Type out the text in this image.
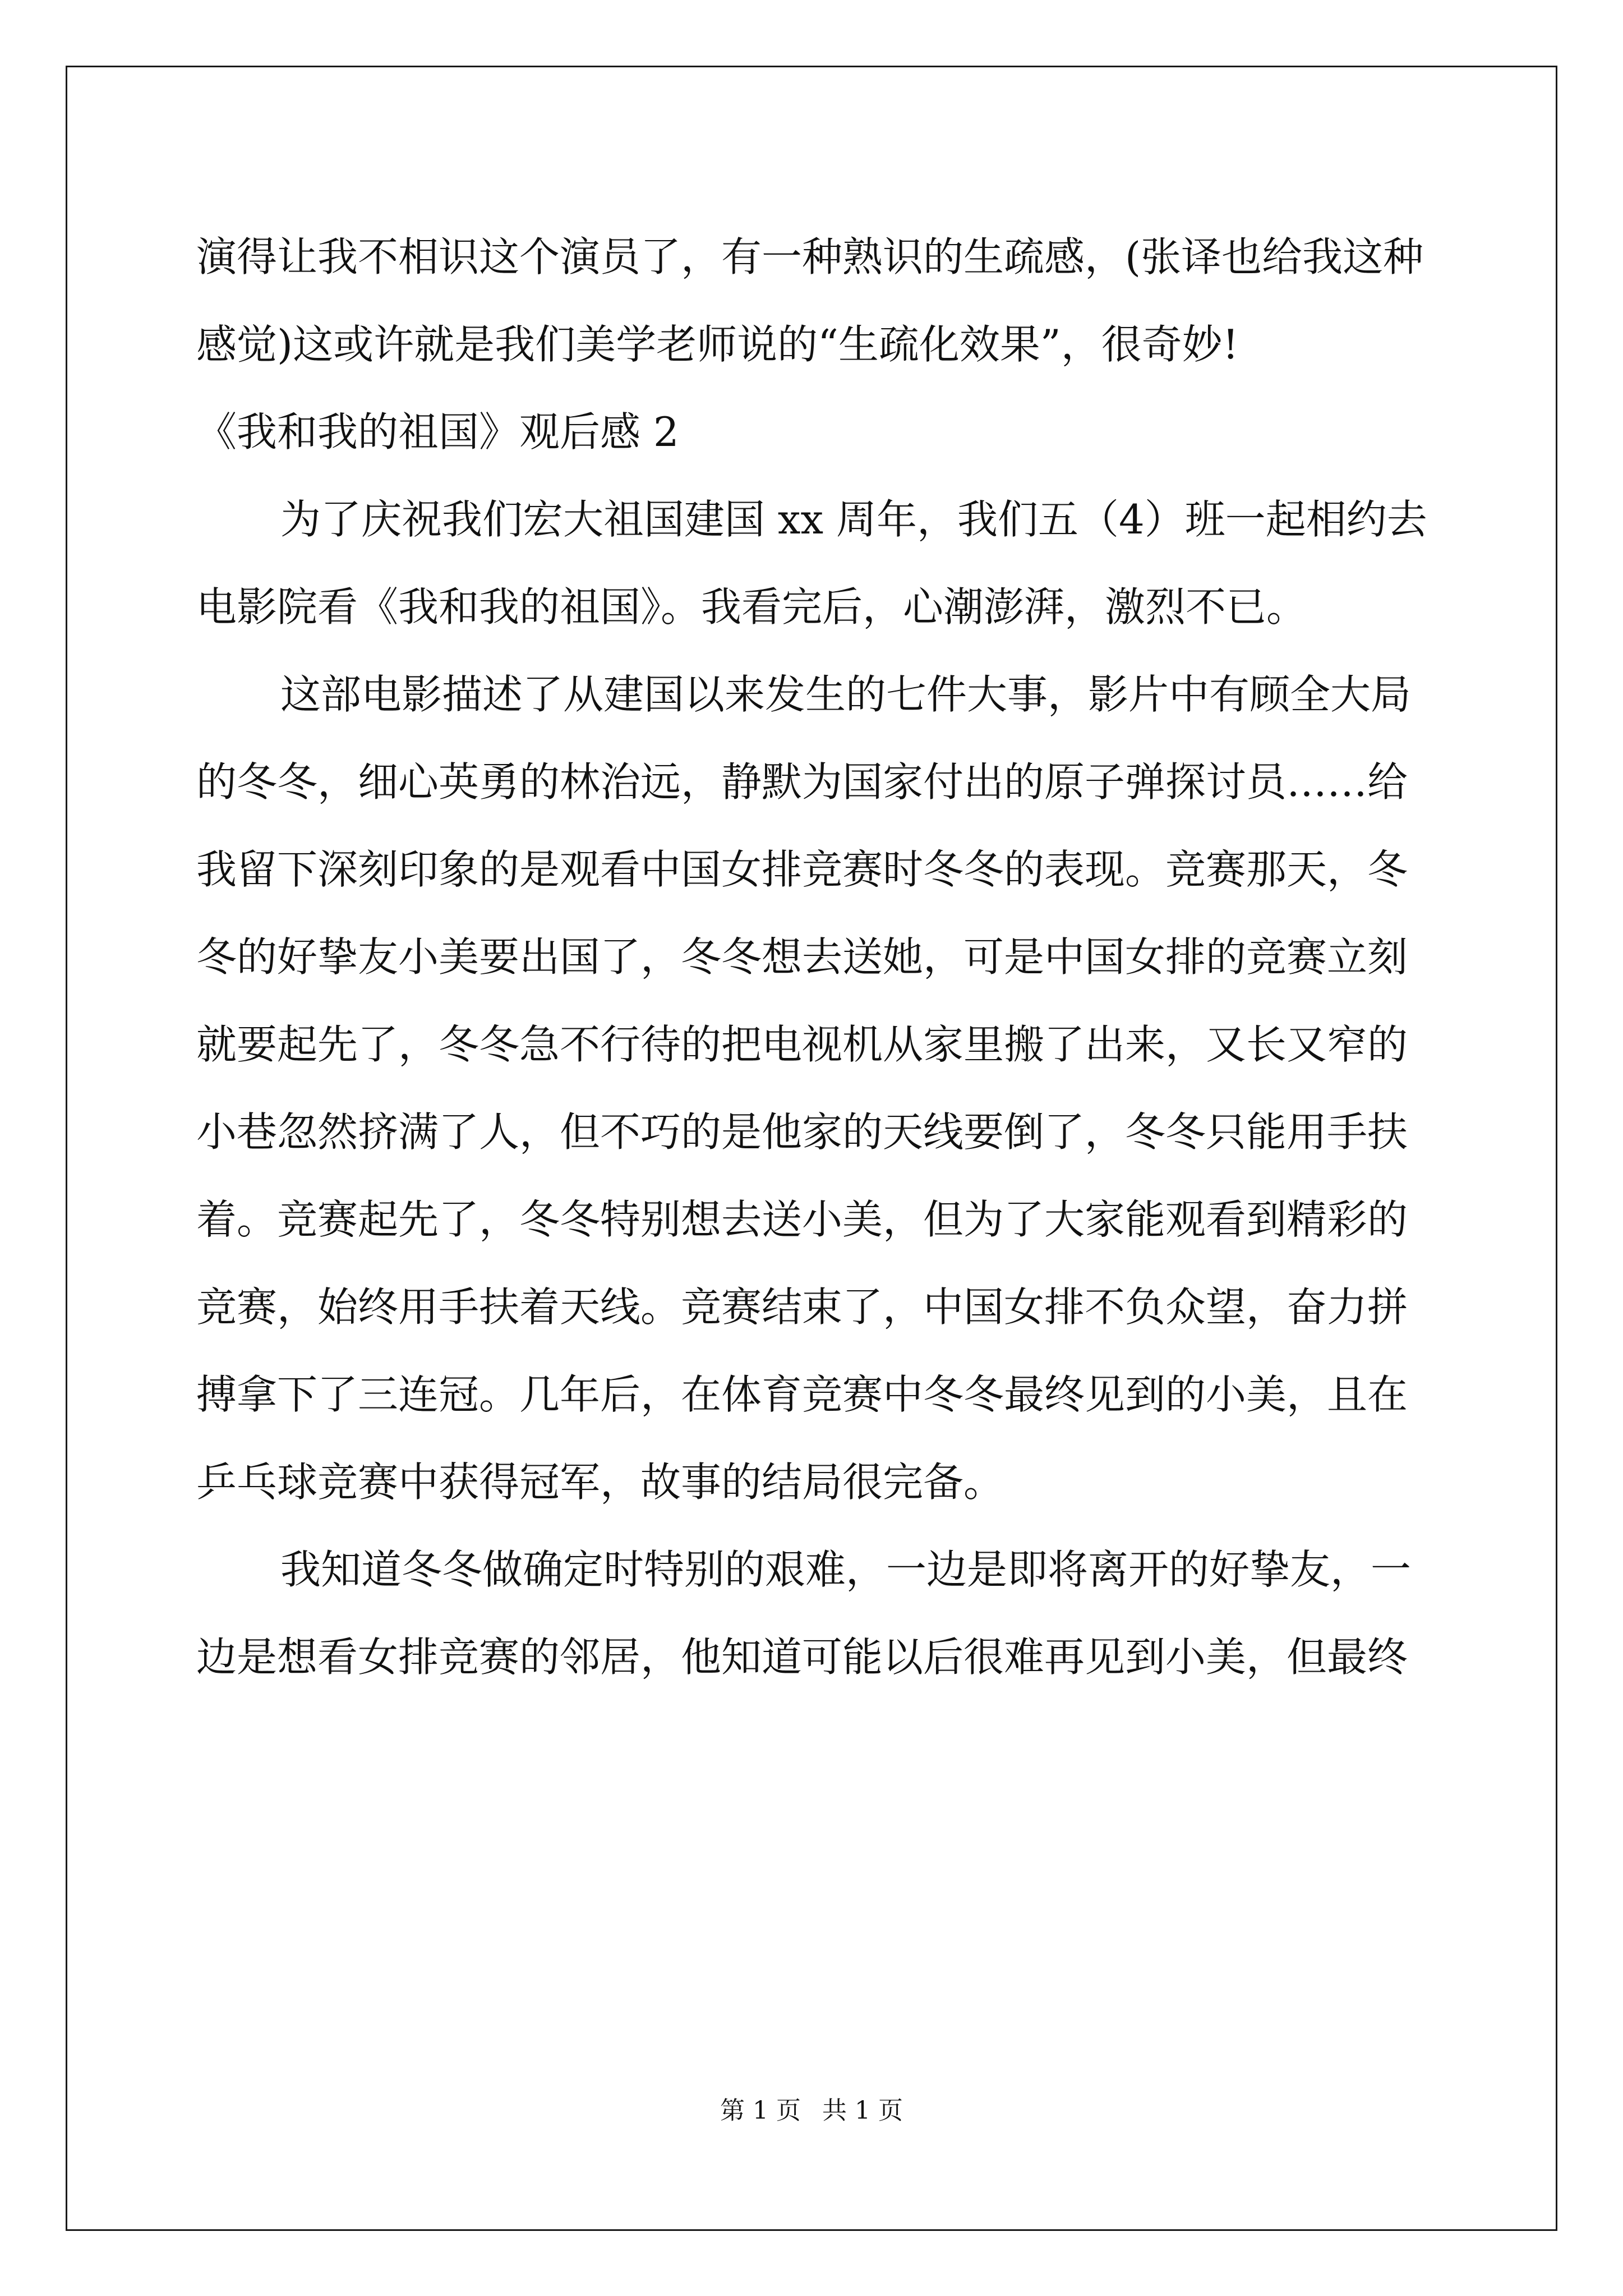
演得让我不相识这个演员了，有一种熟识的生疏感，(张译也给我这种
感觉)这或许就是我们美学老师说的“生疏化效果”，很奇妙!
《我和我的祖国》观后感 2
为了庆祝我们宏大祖国建国 xx 周年，我们五（4）班一起相约去
电影院看《我和我的祖国》。我看完后，心潮澎湃，激烈不已。
这部电影描述了从建国以来发生的七件大事，影片中有顾全大局
的冬冬，细心英勇的林治远，静默为国家付出的原子弹探讨员……给
我留下深刻印象的是观看中国女排竞赛时冬冬的表现。竞赛那天，冬
冬的好挚友小美要出国了，冬冬想去送她，可是中国女排的竞赛立刻
就要起先了，冬冬急不行待的把电视机从家里搬了出来，又长又窄的
小巷忽然挤满了人，但不巧的是他家的天线要倒了，冬冬只能用手扶
着。竞赛起先了，冬冬特别想去送小美，但为了大家能观看到精彩的
竞赛，始终用手扶着天线。竞赛结束了，中国女排不负众望，奋力拼
搏拿下了三连冠。几年后，在体育竞赛中冬冬最终见到的小美，且在
乒乓球竞赛中获得冠军，故事的结局很完备。
我知道冬冬做确定时特别的艰难，一边是即将离开的好挚友，一
边是想看女排竞赛的邻居，他知道可能以后很难再见到小美，但最终
第 1 页 共 1 页
